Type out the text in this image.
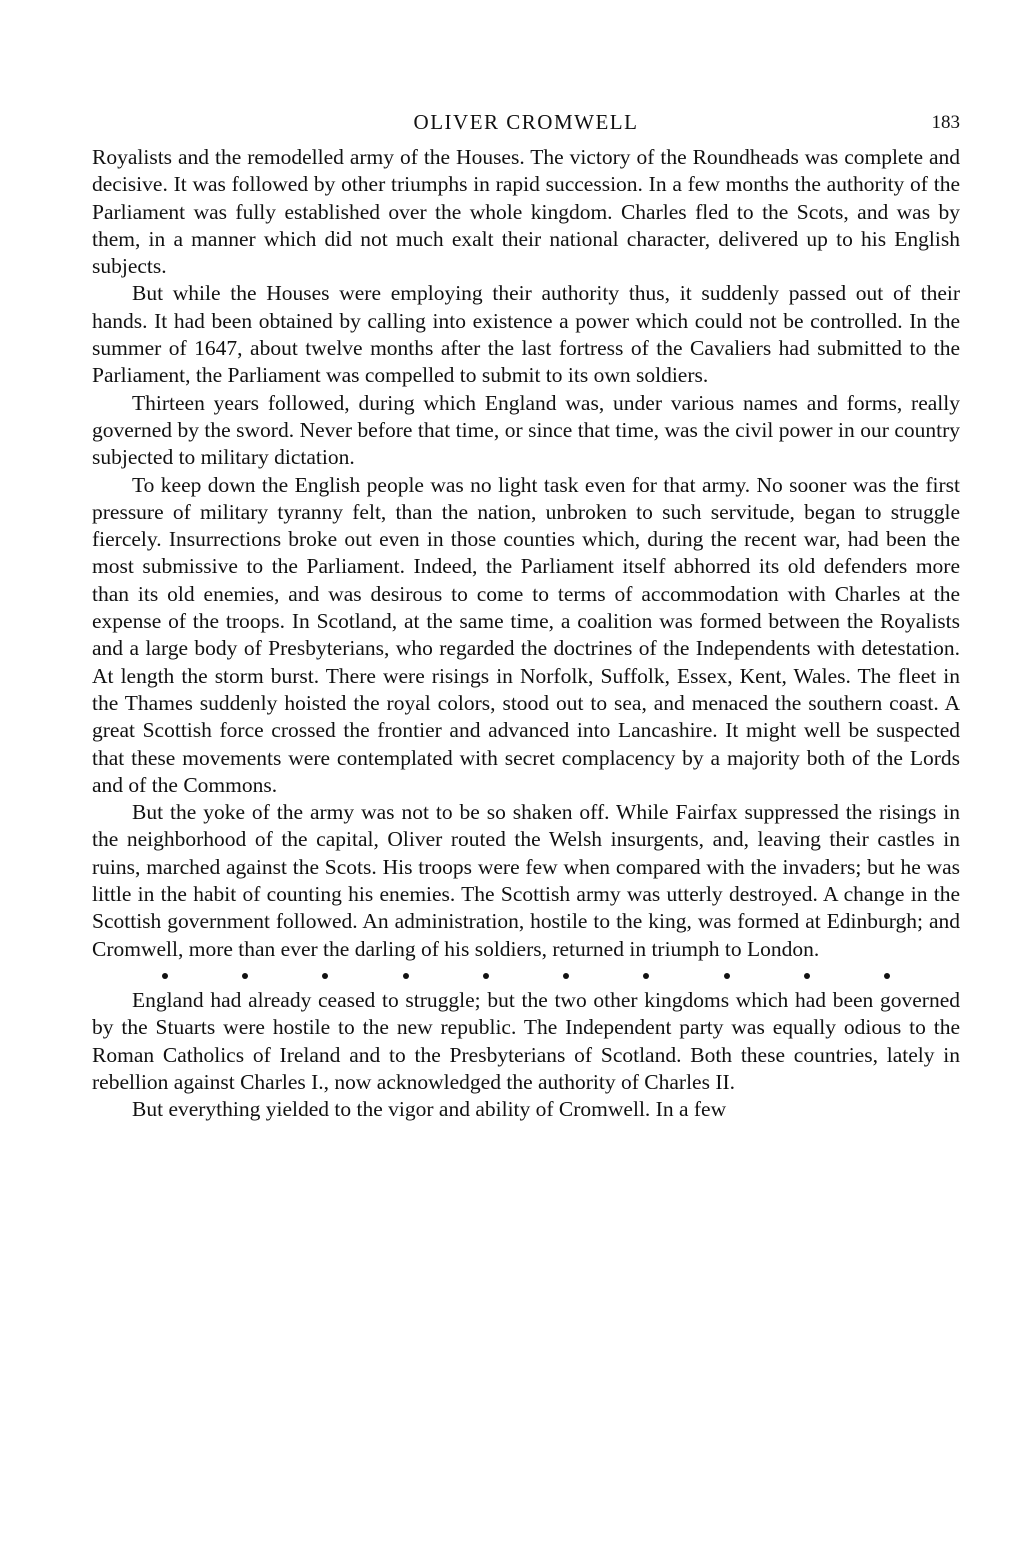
OLIVER CROMWELL	183

Royalists and the remodelled army of the Houses. The victory of the Roundheads was complete and decisive. It was followed by other triumphs in rapid succession. In a few months the authority of the Parliament was fully established over the whole kingdom. Charles fled to the Scots, and was by them, in a manner which did not much exalt their national character, delivered up to his English subjects.

But while the Houses were employing their authority thus, it suddenly passed out of their hands. It had been obtained by calling into existence a power which could not be controlled. In the summer of 1647, about twelve months after the last fortress of the Cavaliers had submitted to the Parliament, the Parliament was compelled to submit to its own soldiers.

Thirteen years followed, during which England was, under various names and forms, really governed by the sword. Never before that time, or since that time, was the civil power in our country subjected to military dictation.

To keep down the English people was no light task even for that army. No sooner was the first pressure of military tyranny felt, than the nation, unbroken to such servitude, began to struggle fiercely. Insurrections broke out even in those counties which, during the recent war, had been the most submissive to the Parliament. Indeed, the Parliament itself abhorred its old defenders more than its old enemies, and was desirous to come to terms of accommodation with Charles at the expense of the troops. In Scotland, at the same time, a coalition was formed between the Royalists and a large body of Presbyterians, who regarded the doctrines of the Independents with detestation. At length the storm burst. There were risings in Norfolk, Suffolk, Essex, Kent, Wales. The fleet in the Thames suddenly hoisted the royal colors, stood out to sea, and menaced the southern coast. A great Scottish force crossed the frontier and advanced into Lancashire. It might well be suspected that these movements were contemplated with secret complacency by a majority both of the Lords and of the Commons.

But the yoke of the army was not to be so shaken off. While Fairfax suppressed the risings in the neighborhood of the capital, Oliver routed the Welsh insurgents, and, leaving their castles in ruins, marched against the Scots. His troops were few when compared with the invaders; but he was little in the habit of counting his enemies. The Scottish army was utterly destroyed. A change in the Scottish government followed. An administration, hostile to the king, was formed at Edinburgh; and Cromwell, more than ever the darling of his soldiers, returned in triumph to London.

England had already ceased to struggle; but the two other kingdoms which had been governed by the Stuarts were hostile to the new republic. The Independent party was equally odious to the Roman Catholics of Ireland and to the Presbyterians of Scotland. Both these countries, lately in rebellion against Charles I., now acknowledged the authority of Charles II.

But everything yielded to the vigor and ability of Cromwell. In a few
